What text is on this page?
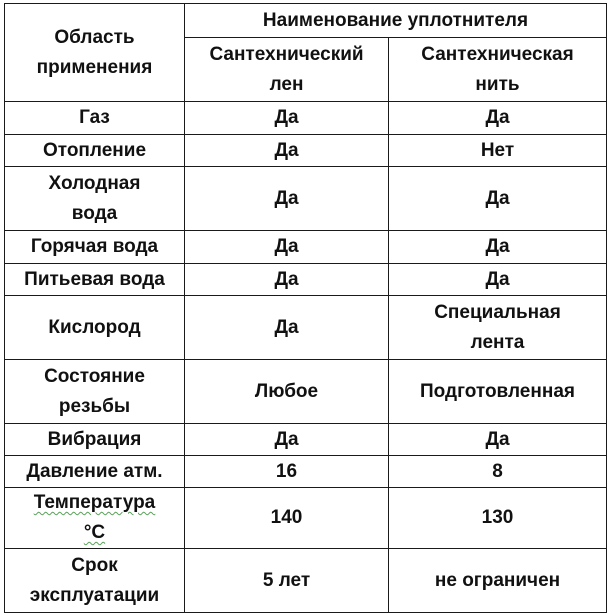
Область применения	Наименование уплотнителя	
	Сантехнический лен	Сантехническая нить
Газ	Да	Да
Отопление	Да	Нет
Холодная вода	Да	Да
Горячая вода	Да	Да
Питьевая вода	Да	Да
Кислород	Да	Специальная лента
Состояние резьбы	Любое	Подготовленная
Вибрация	Да	Да
Давление атм.	16	8
Температура °С	140	130
Срок эксплуатации	5 лет	не ограничен
